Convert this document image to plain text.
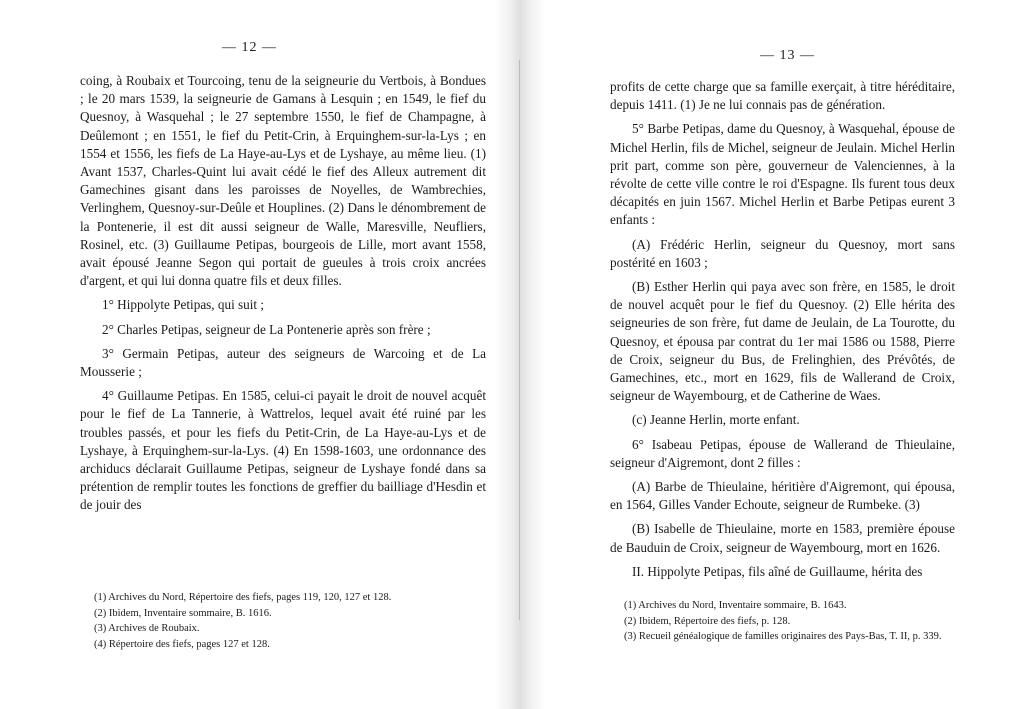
— 12 —

coing, à Roubaix et Tourcoing, tenu de la seigneurie du Vertbois, à Bondues ; le 20 mars 1539, la seigneurie de Gamans à Lesquin ; en 1549, le fief du Quesnoy, à Wasquehal ; le 27 septembre 1550, le fief de Champagne, à Deûlemont ; en 1551, le fief du Petit-Crin, à Erquinghem-sur-la-Lys ; en 1554 et 1556, les fiefs de La Haye-au-Lys et de Lyshaye, au même lieu. (1) Avant 1537, Charles-Quint lui avait cédé le fief des Alleux autrement dit Gamechines gisant dans les paroisses de Noyelles, de Wambrechies, Verlinghem, Quesnoy-sur-Deûle et Houplines. (2) Dans le dénombrement de la Pontenerie, il est dit aussi seigneur de Walle, Maresville, Neufliers, Rosinel, etc. (3) Guillaume Petipas, bourgeois de Lille, mort avant 1558, avait épousé Jeanne Segon qui portait de gueules à trois croix ancrées d'argent, et qui lui donna quatre fils et deux filles.

1° Hippolyte Petipas, qui suit ;

2° Charles Petipas, seigneur de La Pontenerie après son frère ;

3° Germain Petipas, auteur des seigneurs de Warcoing et de La Mousserie ;

4° Guillaume Petipas. En 1585, celui-ci payait le droit de nouvel acquêt pour le fief de La Tannerie, à Wattrelos, lequel avait été ruiné par les troubles passés, et pour les fiefs du Petit-Crin, de La Haye-au-Lys et de Lyshaye, à Erquinghem-sur-la-Lys. (4) En 1598-1603, une ordonnance des archiducs déclarait Guillaume Petipas, seigneur de Lyshaye fondé dans sa prétention de remplir toutes les fonctions de greffier du bailliage d'Hesdin et de jouir des

(1) Archives du Nord, Répertoire des fiefs, pages 119, 120, 127 et 128.

(2) Ibidem, Inventaire sommaire, B. 1616.

(3) Archives de Roubaix.

(4) Répertoire des fiefs, pages 127 et 128.

— 13 —

profits de cette charge que sa famille exerçait, à titre héréditaire, depuis 1411. (1) Je ne lui connais pas de génération.

5° Barbe Petipas, dame du Quesnoy, à Wasquehal, épouse de Michel Herlin, fils de Michel, seigneur de Jeulain. Michel Herlin prit part, comme son père, gouverneur de Valenciennes, à la révolte de cette ville contre le roi d'Espagne. Ils furent tous deux décapités en juin 1567. Michel Herlin et Barbe Petipas eurent 3 enfants :

(A) Frédéric Herlin, seigneur du Quesnoy, mort sans postérité en 1603 ;

(B) Esther Herlin qui paya avec son frère, en 1585, le droit de nouvel acquêt pour le fief du Quesnoy. (2) Elle hérita des seigneuries de son frère, fut dame de Jeulain, de La Tourotte, du Quesnoy, et épousa par contrat du 1er mai 1586 ou 1588, Pierre de Croix, seigneur du Bus, de Frelinghien, des Prévôtés, de Gamechines, etc., mort en 1629, fils de Wallerand de Croix, seigneur de Wayembourg, et de Catherine de Waes.

(c) Jeanne Herlin, morte enfant.

6° Isabeau Petipas, épouse de Wallerand de Thieulaine, seigneur d'Aigremont, dont 2 filles :

(A) Barbe de Thieulaine, héritière d'Aigremont, qui épousa, en 1564, Gilles Vander Echoute, seigneur de Rumbeke. (3)

(B) Isabelle de Thieulaine, morte en 1583, première épouse de Bauduin de Croix, seigneur de Wayembourg, mort en 1626.

II. Hippolyte Petipas, fils aîné de Guillaume, hérita des

(1) Archives du Nord, Inventaire sommaire, B. 1643.

(2) Ibidem, Répertoire des fiefs, p. 128.

(3) Recueil généalogique de familles originaires des Pays-Bas, T. II, p. 339.
